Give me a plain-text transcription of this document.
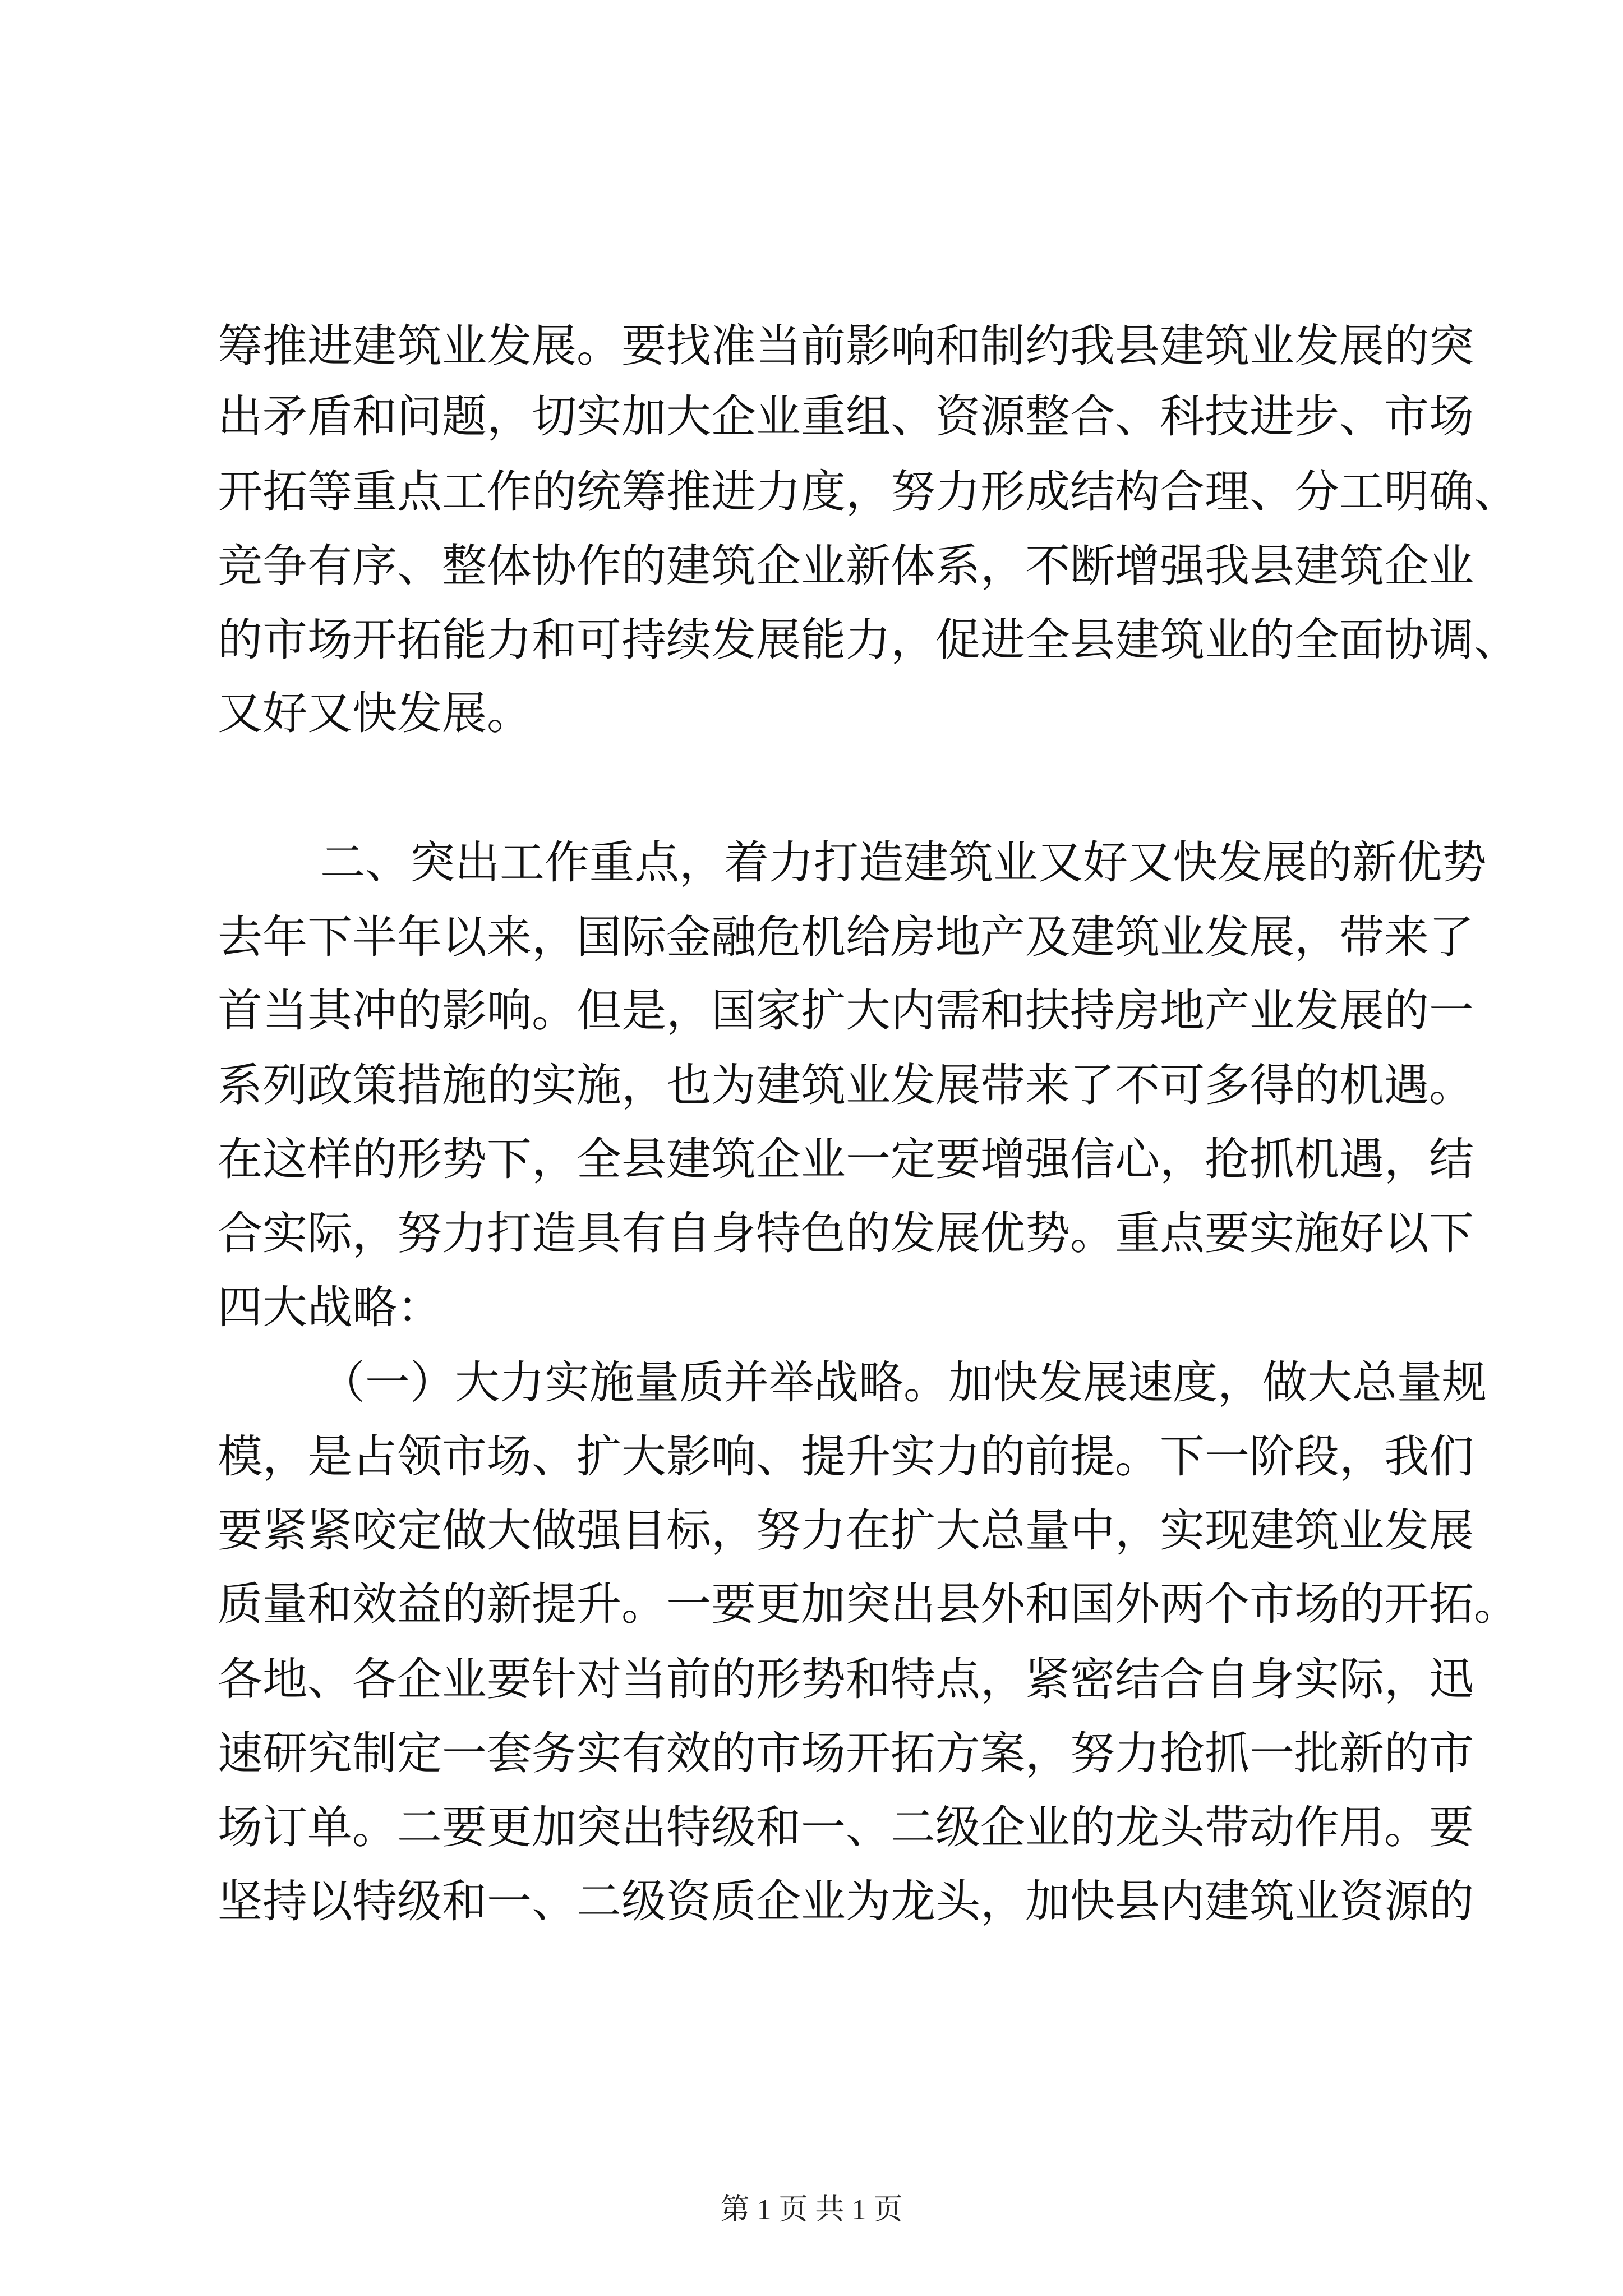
筹推进建筑业发展。要找准当前影响和制约我县建筑业发展的突
出矛盾和问题，切实加大企业重组、资源整合、科技进步、市场
开拓等重点工作的统筹推进力度，努力形成结构合理、分工明确、
竞争有序、整体协作的建筑企业新体系，不断增强我县建筑企业
的市场开拓能力和可持续发展能力，促进全县建筑业的全面协调、
又好又快发展。
二、突出工作重点，着力打造建筑业又好又快发展的新优势
去年下半年以来，国际金融危机给房地产及建筑业发展，带来了
首当其冲的影响。但是，国家扩大内需和扶持房地产业发展的一
系列政策措施的实施，也为建筑业发展带来了不可多得的机遇。
在这样的形势下，全县建筑企业一定要增强信心，抢抓机遇，结
合实际，努力打造具有自身特色的发展优势。重点要实施好以下
四大战略：
（一）大力实施量质并举战略。加快发展速度，做大总量规
模，是占领市场、扩大影响、提升实力的前提。下一阶段，我们
要紧紧咬定做大做强目标，努力在扩大总量中，实现建筑业发展
质量和效益的新提升。一要更加突出县外和国外两个市场的开拓。
各地、各企业要针对当前的形势和特点，紧密结合自身实际，迅
速研究制定一套务实有效的市场开拓方案，努力抢抓一批新的市
场订单。二要更加突出特级和一、二级企业的龙头带动作用。要
坚持以特级和一、二级资质企业为龙头，加快县内建筑业资源的
第 1 页 共 1 页
